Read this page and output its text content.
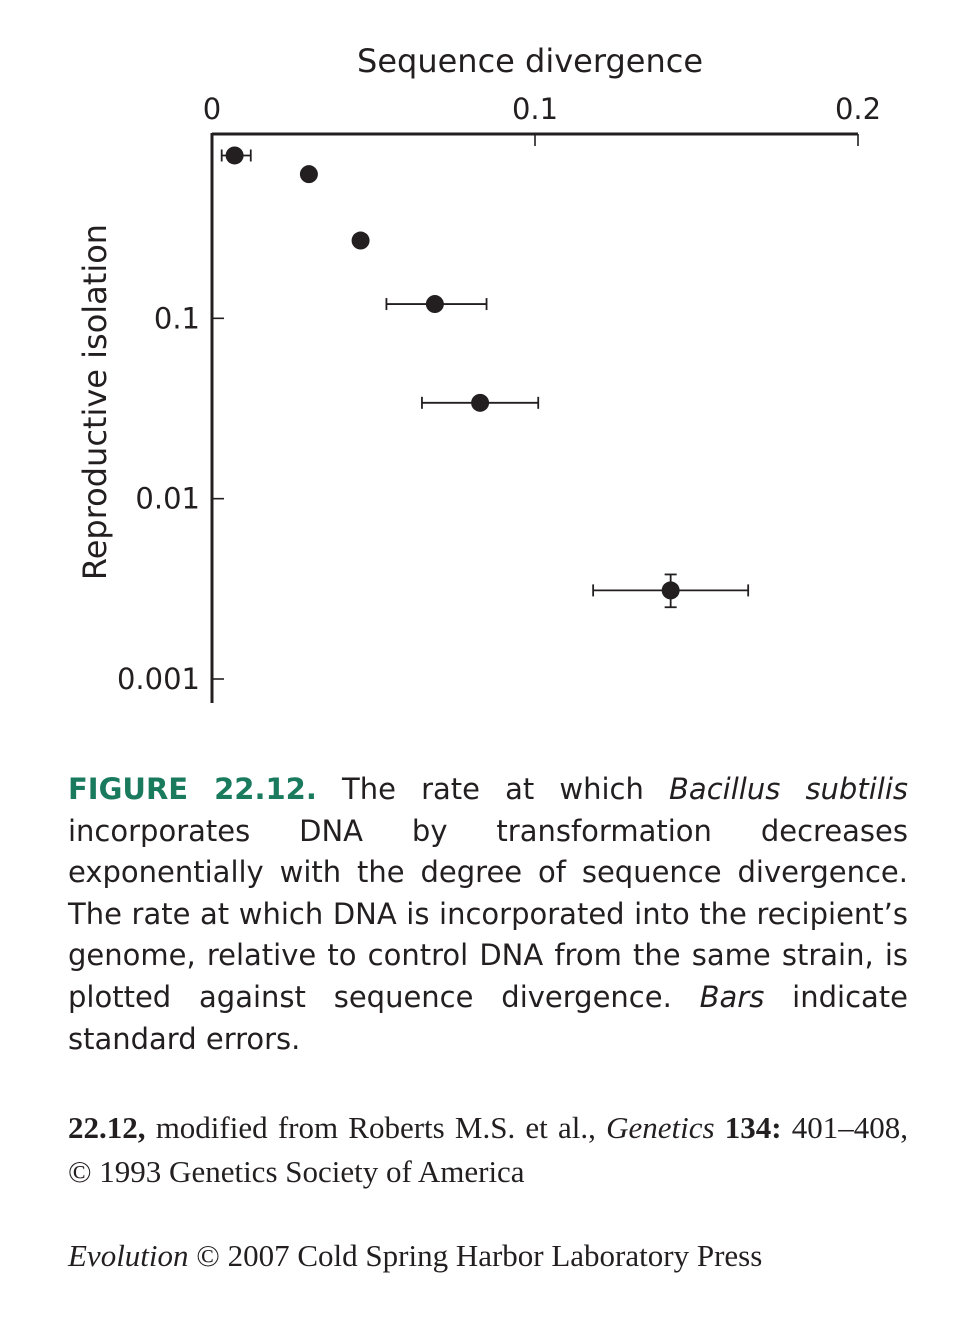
Sequence divergence
Reproductive isolation
0	0.1	0.2
0.1
0.01
0.001
FIGURE 22.12. The rate at which Bacillus subtilis incorporates DNA by transformation decreases exponentially with the degree of sequence divergence. The rate at which DNA is incorporated into the recipient’s genome, relative to control DNA from the same strain, is plotted against sequence divergence. Bars indicate standard errors.
22.12, modified from Roberts M.S. et al., Genetics 134: 401–408, © 1993 Genetics Society of America
Evolution © 2007 Cold Spring Harbor Laboratory Press
